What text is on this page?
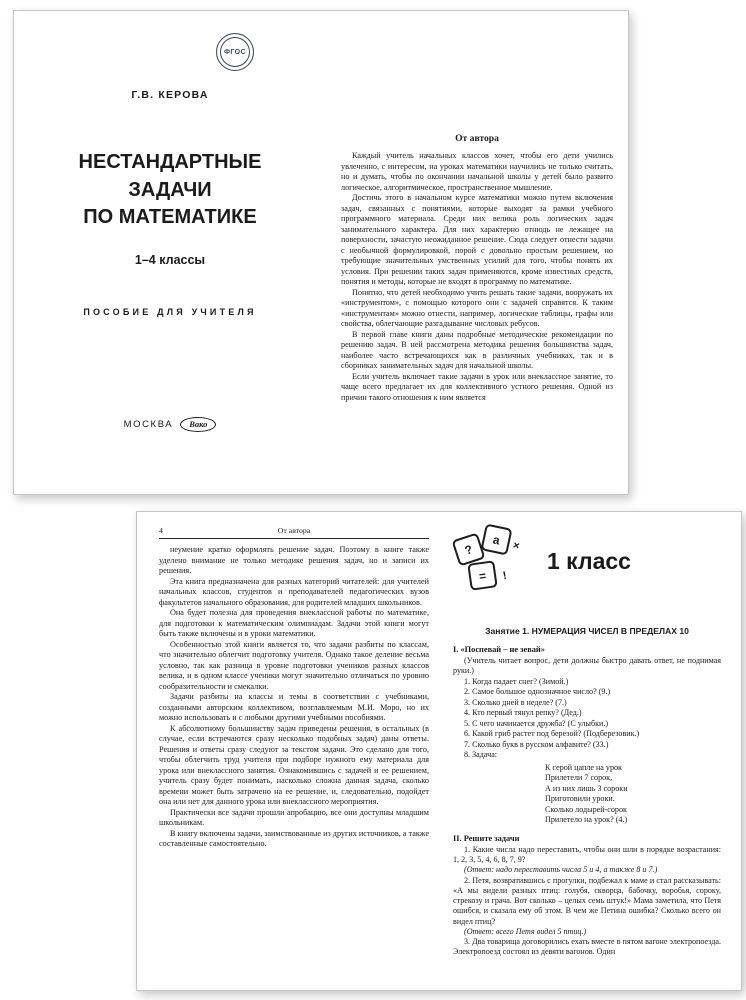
ФГОС
Г.В. КЕРОВА
НЕСТАНДАРТНЫЕ
ЗАДАЧИ
ПО МАТЕМАТИКЕ
1–4 классы
ПОСОБИЕ ДЛЯ УЧИТЕЛЯ
МОСКВА	Вако
От автора

Каждый учитель начальных классов хочет, чтобы его дети учились увлеченно, с интересом, на уроках математики научились не только считать, но и думать, чтобы по окончании начальной школы у детей было развито логическое, алгоритмическое, пространственное мышление.

Достичь этого в начальном курсе математики можно путем включения задач, связанных с понятиями, которые выходят за рамки учебного программного материала. Среди них велика роль логических задач занимательного характера. Для них характерно отнюдь не лежащее на поверхности, зачастую неожиданное решение. Сюда следует отнести задачи с необычной формулировкой, порой с довольно простым решением, но требующие значительных умственных усилий для того, чтобы понять их условия. При решении таких задач применяются, кроме известных средств, понятия и методы, которые не входят в программу по математике.

Понятно, что детей необходимо учить решать такие задачи, вооружать их «инструментом», с помощью которого они с задачей справятся. К таким «инструментам» можно отнести, например, логические таблицы, графы или свойства, облегчающие разгадывание числовых ребусов.

В первой главе книги даны подробные методические рекомендации по решению задач. В ней рассмотрена методика решения большинства задач, наиболее часто встречающихся как в различных учебниках, так и в сборниках занимательных задач для начальной школы.

Если учитель включает такие задачи в урок или внеклассное занятие, то чаще всего предлагает их для коллективного устного решения. Одной из причин такого отношения к ним является

4	От автора

неумение кратко оформлять решение задач. Поэтому в книге также уделено внимание не только методике решения задач, но и записи их решения.

Эта книга предназначена для разных категорий читателей: для учителей начальных классов, студентов и преподавателей педагогических вузов факультетов начального образования, для родителей младших школьников.

Она будет полезна для проведения внеклассной работы по математике, для подготовки к математическим олимпиадам. Задачи этой книги могут быть также включены и в уроки математики.

Особенностью этой книги является то, что задачи разбиты по классам, что значительно облегчит подготовку учителя. Однако такое деление весьма условно, так как разница в уровне подготовки учеников разных классов велика, и в одном классе ученики могут значительно отличаться по уровню сообразительности и смекалки.

Задачи разбиты на классы и темы в соответствии с учебниками, созданными авторским коллективом, возглавляемым М.И. Моро, но их можно использовать и с любыми другими учебными пособиями.

К абсолютному большинству задач приведены решения, в остальных (в случае, если встречаются сразу несколько подобных задач) даны ответы. Решения и ответы сразу следуют за текстом задачи. Это сделано для того, чтобы облегчить труд учителя при подборе нужного ему материала для урока или внеклассного занятия. Ознакомившись с задачей и ее решением, учитель сразу будет понимать, насколько сложна данная задача, сколько времени может быть затрачено на ее решение, и, следовательно, подойдет она или нет для данного урока или внеклассного мероприятия.

Практически все задачи прошли апробацию, все они доступны младшим школьникам.

В книгу включены задачи, заимствованные из других источников, а также составленные самостоятельно.

?
a
=
×
!
1 класс
Занятие 1. НУМЕРАЦИЯ ЧИСЕЛ В ПРЕДЕЛАХ 10
I. «Поспевай – не зевай»

(Учитель читает вопрос, дети должны быстро давать ответ, не поднимая руки.)

1. Когда падает снег? (Зимой.)
2. Самое большое однозначное число? (9.)
3. Сколько дней в неделе? (7.)
4. Кто первый тянул репку? (Дед.)
5. С чего начинается дружба? (С улыбки.)
6. Какой гриб растет под березой? (Подберезовик.)
7. Сколько букв в русском алфавите? (33.)
8. Задача:
К серой цапле на урок
Прилетели 7 сорок,
А из них лишь 3 сороки
Приготовили уроки.
Сколько лодырей-сорок
Прилетело на урок? (4.)
II. Решите задачи

1. Какие числа надо переставить, чтобы они шли в порядке возрастания: 1, 2, 3, 5, 4, 6, 8, 7, 9?

(Ответ: надо переставить числа 5 и 4, а также 8 и 7.)

2. Петя, возвратившись с прогулки, подбежал к маме и стал рассказывать: «А мы видели разных птиц: голубя, скворца, бабочку, воробья, сороку, стрекозу и грача. Вот сколько – целых семь штук!» Мама заметила, что Петя ошибся, и сказала ему об этом. В чем же Петина ошибка? Сколько всего он видел птиц?

(Ответ: всего Петя видел 5 птиц.)

3. Два товарища договорились ехать вместе в пятом вагоне электропоезда. Электропоезд состоял из девяти вагонов. Один
